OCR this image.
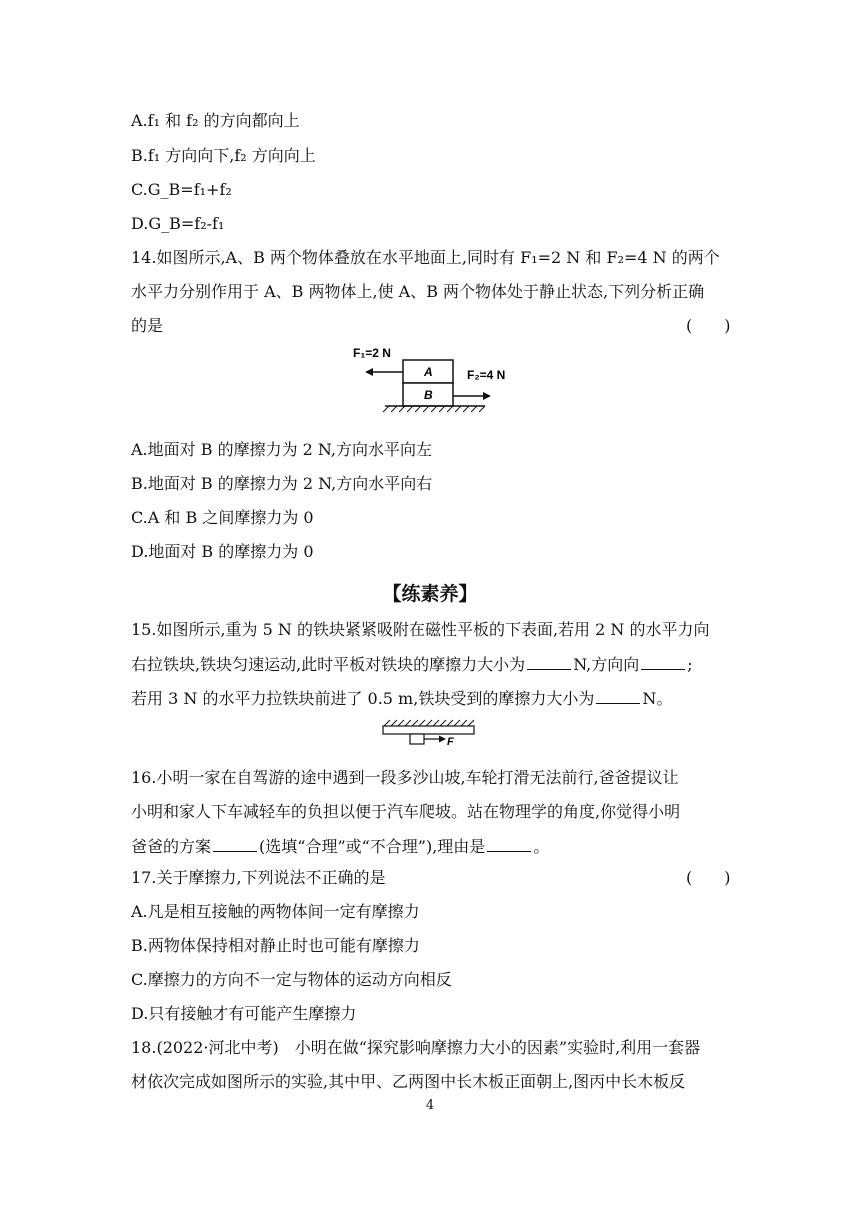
A.f₁ 和 f₂ 的方向都向上
B.f₁ 方向向下,f₂ 方向向上
C.G_B=f₁+f₂
D.G_B=f₂-f₁
14.如图所示,A、B 两个物体叠放在水平地面上,同时有 F₁=2 N 和 F₂=4 N 的两个
水平力分别作用于 A、B 两物体上,使 A、B 两个物体处于静止状态,下列分析正确
的是	(　　)
F₁=2 N
A
B
F₂=4 N
A.地面对 B 的摩擦力为 2 N,方向水平向左
B.地面对 B 的摩擦力为 2 N,方向水平向右
C.A 和 B 之间摩擦力为 0
D.地面对 B 的摩擦力为 0
【练素养】
15.如图所示,重为 5 N 的铁块紧紧吸附在磁性平板的下表面,若用 2 N 的水平力向
右拉铁块,铁块匀速运动,此时平板对铁块的摩擦力大小为	N,方向向	;
若用 3 N 的水平力拉铁块前进了 0.5 m,铁块受到的摩擦力大小为	N。
F
16.小明一家在自驾游的途中遇到一段多沙山坡,车轮打滑无法前行,爸爸提议让
小明和家人下车减轻车的负担以便于汽车爬坡。站在物理学的角度,你觉得小明
爸爸的方案	(选填“合理”或“不合理”),理由是	。
17.关于摩擦力,下列说法不正确的是	(　　)
A.凡是相互接触的两物体间一定有摩擦力
B.两物体保持相对静止时也可能有摩擦力
C.摩擦力的方向不一定与物体的运动方向相反
D.只有接触才有可能产生摩擦力
18.(2022·河北中考)　小明在做“探究影响摩擦力大小的因素”实验时,利用一套器
材依次完成如图所示的实验,其中甲、乙两图中长木板正面朝上,图丙中长木板反
4
